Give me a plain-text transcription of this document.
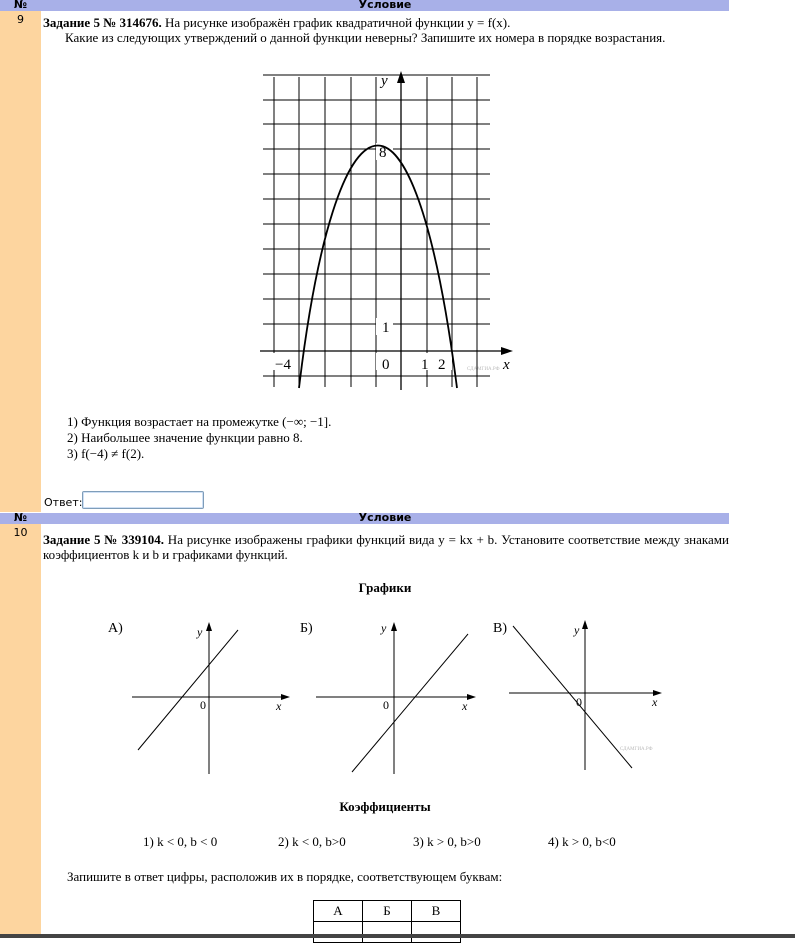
№	Условие
9	Задание 5 № 314676. На рисунке изображён график квадратичной функции y = f(x).
Какие из следующих утверждений о данной функции неверны? Запишите их номера в порядке возрастания.
y
8
1
0 1 2
−4	x
СДАМГИА.РФ
1) Функция возрастает на промежутке (−∞; −1].
2) Наибольшее значение функции равно 8.
3) f(−4) ≠ f(2).
Ответ:
№	Условие
10	Задание 5 № 339104. На рисунке изображены графики функций вида y = kx + b. Установите соответствие между знаками коэффициентов k и b и графиками функций.
Графики
А)	y
0	x
Б)	y
0	x
В)	y
0	x
СДАМГИА.РФ
Коэффициенты
1) k < 0, b < 0	2) k < 0, b>0	3) k > 0, b>0	4) k > 0, b<0
Запишите в ответ цифры, расположив их в порядке, соответствующем буквам:
А	Б	В
